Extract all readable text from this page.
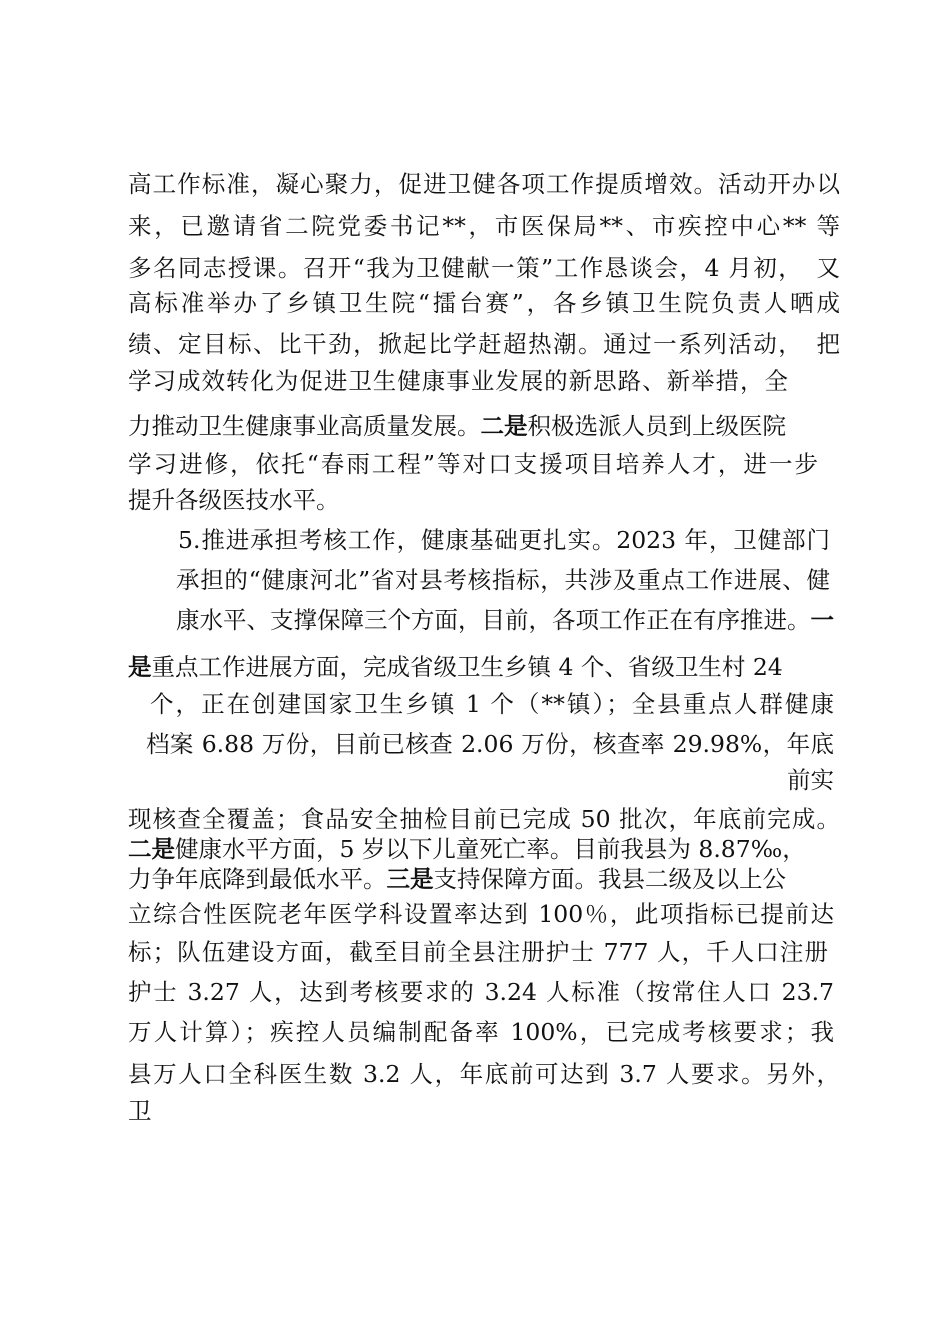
高工作标准，凝心聚力，促进卫健各项工作提质增效。活动开办以
来，已邀请省二院党委书记**，市医保局**、市疾控中心** 等
多名同志授课。召开“我为卫健献一策”工作恳谈会，4 月初，　又
高标准举办了乡镇卫生院“擂台赛”，各乡镇卫生院负责人晒成
绩、定目标、比干劲，掀起比学赶超热潮。通过一系列活动，　把
学习成效转化为促进卫生健康事业发展的新思路、新举措，全
力推动卫生健康事业高质量发展。二是积极选派人员到上级医院
学习进修，依托“春雨工程”等对口支援项目培养人才，进一步
提升各级医技水平。
5.推进承担考核工作，健康基础更扎实。2023 年，卫健部门
承担的“健康河北”省对县考核指标，共涉及重点工作进展、健
康水平、支撑保障三个方面，目前，各项工作正在有序推进。一
是重点工作进展方面，完成省级卫生乡镇 4 个、省级卫生村 24
个，正在创建国家卫生乡镇 1 个（**镇）；全县重点人群健康
档案 6.88 万份，目前已核查 2.06 万份，核查率 29.98%，年底
前实
现核查全覆盖；食品安全抽检目前已完成 50 批次，年底前完成。
二是健康水平方面，5 岁以下儿童死亡率。目前我县为 8.87‰，
力争年底降到最低水平。三是支持保障方面。我县二级及以上公
立综合性医院老年医学科设置率达到 100％，此项指标已提前达
标；队伍建设方面，截至目前全县注册护士 777 人，千人口注册
护士 3.27 人，达到考核要求的 3.24 人标准（按常住人口 23.7
万人计算）；疾控人员编制配备率 100%，已完成考核要求；我
县万人口全科医生数 3.2 人，年底前可达到 3.7 人要求。另外，
卫
